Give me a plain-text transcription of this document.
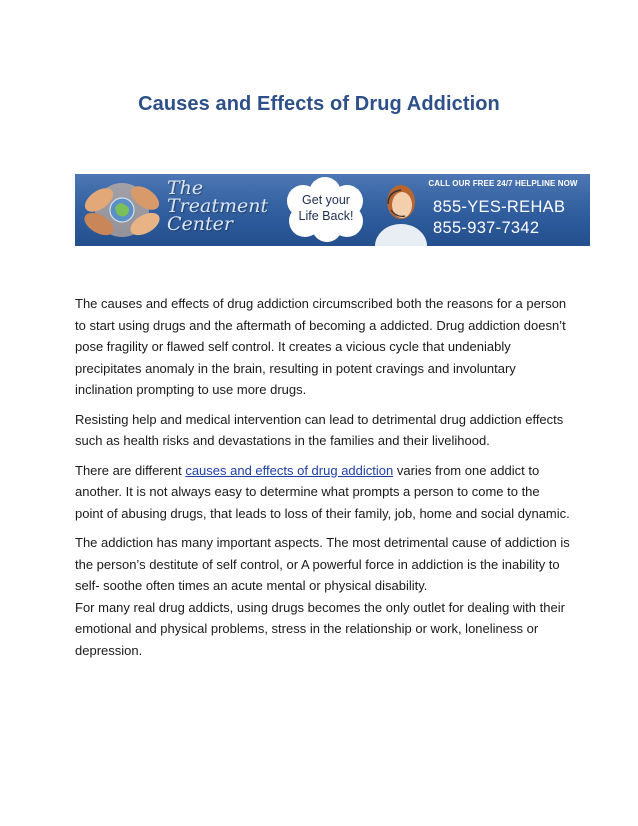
Causes and Effects of Drug Addiction
The
Treatment
Center
Get your
Life Back!
CALL OUR FREE 24/7 HELPLINE NOW
855-YES-REHAB
855-937-7342

The causes and effects of drug addiction circumscribed both the reasons for a person to start using drugs and the aftermath of becoming a addicted. Drug addiction doesn’t pose fragility or flawed self control. It creates a vicious cycle that undeniably precipitates anomaly in the brain, resulting in potent cravings and involuntary inclination prompting to use more drugs.

Resisting help and medical intervention can lead to detrimental drug addiction effects such as health risks and devastations in the families and their livelihood.

There are different causes and effects of drug addiction varies from one addict to another. It is not always easy to determine what prompts a person to come to the point of abusing drugs, that leads to loss of their family, job, home and social dynamic.

The addiction has many important aspects. The most detrimental cause of addiction is the person’s destitute of self control, or A powerful force in addiction is the inability to self- soothe often times an acute mental or physical disability.
For many real drug addicts, using drugs becomes the only outlet for dealing with their emotional and physical problems, stress in the relationship or work, loneliness or depression.
